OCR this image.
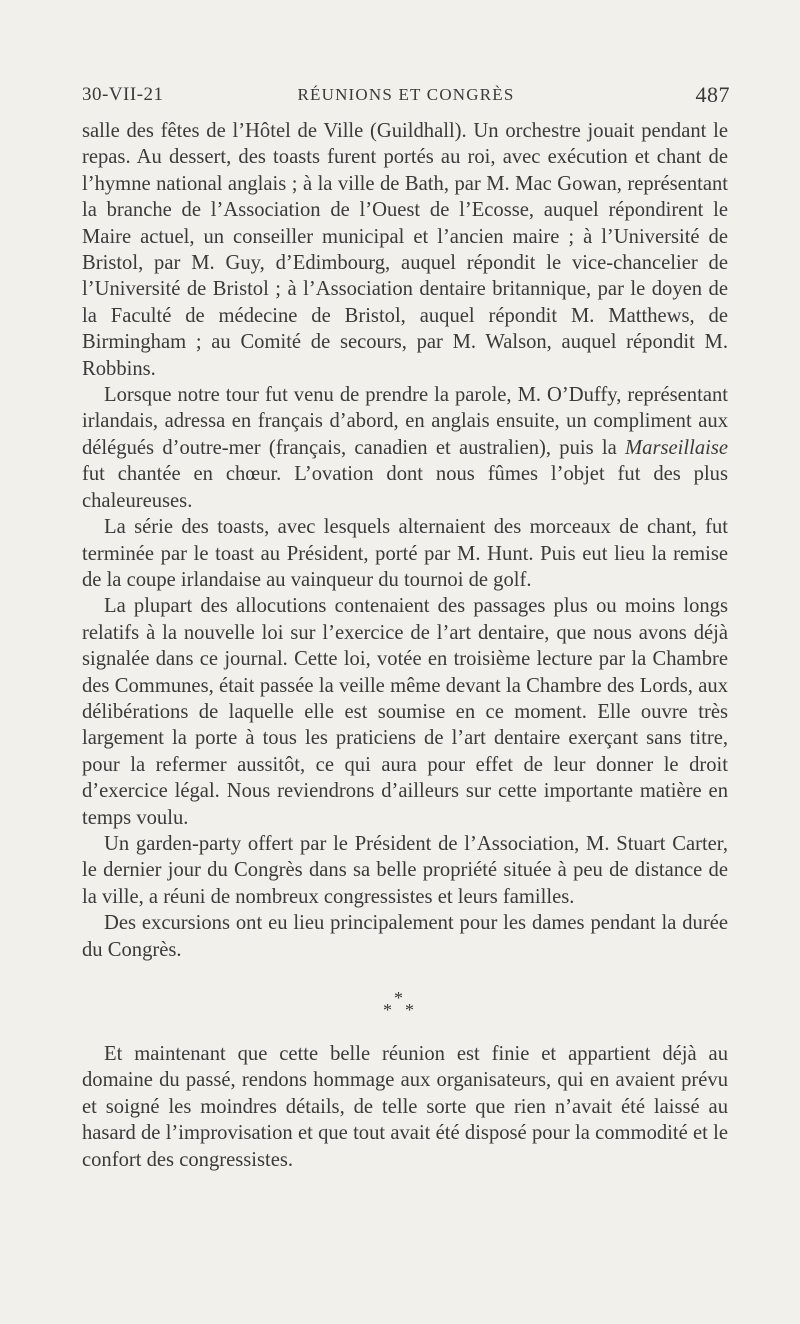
30-VII-21	RÉUNIONS ET CONGRÈS	487

salle des fêtes de l’Hôtel de Ville (Guildhall). Un orchestre jouait pendant le repas. Au dessert, des toasts furent portés au roi, avec exécution et chant de l’hymne national anglais ; à la ville de Bath, par M. Mac Gowan, représentant la branche de l’Association de l’Ouest de l’Ecosse, auquel répondirent le Maire actuel, un conseiller municipal et l’ancien maire ; à l’Université de Bristol, par M. Guy, d’Edimbourg, auquel répondit le vice-chancelier de l’Université de Bristol ; à l’Association dentaire britannique, par le doyen de la Faculté de médecine de Bristol, auquel répondit M. Matthews, de Birmingham ; au Comité de secours, par M. Walson, auquel répondit M. Robbins.

Lorsque notre tour fut venu de prendre la parole, M. O’Duffy, représentant irlandais, adressa en français d’abord, en anglais ensuite, un compliment aux délégués d’outre-mer (français, canadien et australien), puis la Marseillaise fut chantée en chœur. L’ovation dont nous fûmes l’objet fut des plus chaleureuses.

La série des toasts, avec lesquels alternaient des morceaux de chant, fut terminée par le toast au Président, porté par M. Hunt. Puis eut lieu la remise de la coupe irlandaise au vainqueur du tournoi de golf.

La plupart des allocutions contenaient des passages plus ou moins longs relatifs à la nouvelle loi sur l’exercice de l’art dentaire, que nous avons déjà signalée dans ce journal. Cette loi, votée en troisième lecture par la Chambre des Communes, était passée la veille même devant la Chambre des Lords, aux délibérations de laquelle elle est soumise en ce moment. Elle ouvre très largement la porte à tous les praticiens de l’art dentaire exerçant sans titre, pour la refermer aussitôt, ce qui aura pour effet de leur donner le droit d’exercice légal. Nous reviendrons d’ailleurs sur cette importante matière en temps voulu.

Un garden-party offert par le Président de l’Association, M. Stuart Carter, le dernier jour du Congrès dans sa belle propriété située à peu de distance de la ville, a réuni de nombreux congressistes et leurs familles.

Des excursions ont eu lieu principalement pour les dames pendant la durée du Congrès.

*
* *

Et maintenant que cette belle réunion est finie et appartient déjà au domaine du passé, rendons hommage aux organisateurs, qui en avaient prévu et soigné les moindres détails, de telle sorte que rien n’avait été laissé au hasard de l’improvisation et que tout avait été disposé pour la commodité et le confort des congressistes.
